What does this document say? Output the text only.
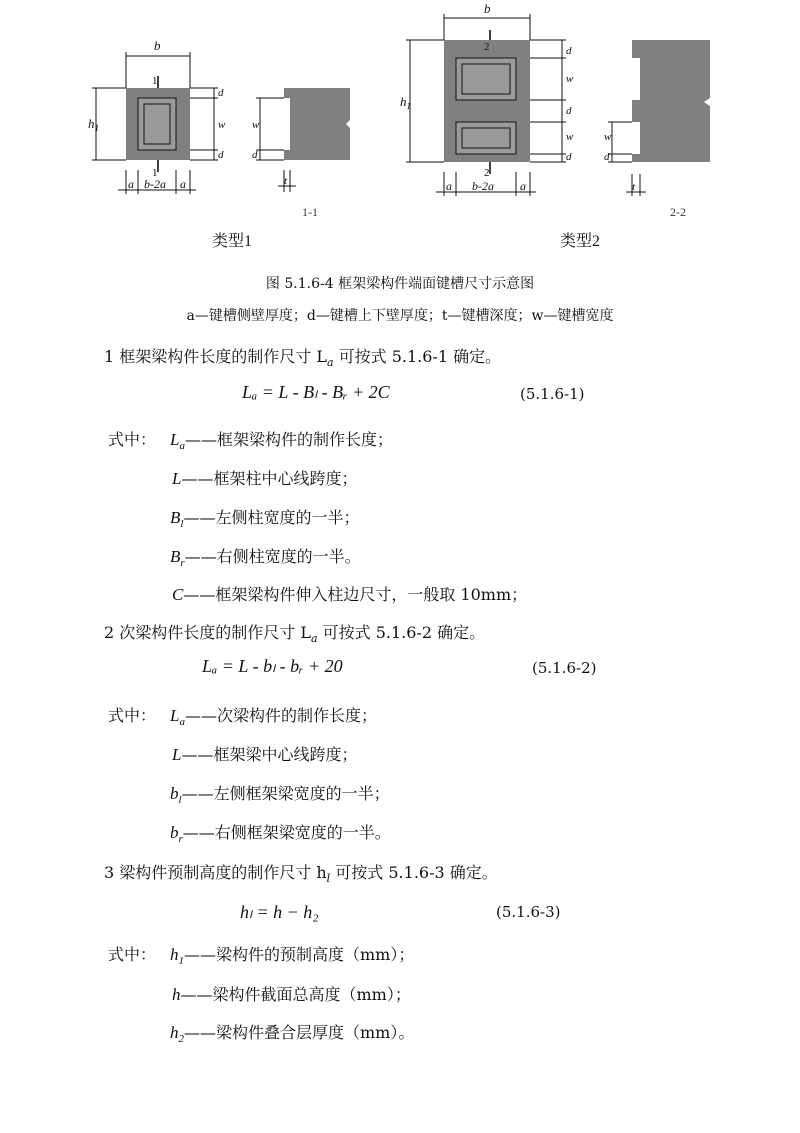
b
b
$h_1$
$h_1$
a b-2a a	a b-2a a
d
w
d
w
d
t
d
w
d
w
d
w
d
t
1
1
2
2
1-1	2-2
类型1	类型2
图 5.1.6-4 框架梁构件端面键槽尺寸示意图
a—键槽侧壁厚度；d—键槽上下壁厚度；t—键槽深度；w—键槽宽度
1 框架梁构件长度的制作尺寸 $L_a$ 可按式 5.1.6-1 确定。
Lₐ = L - Bₗ - Bᵣ + 2C	(5.1.6-1)
式中： $L_a——$框架梁构件的制作长度；
L——框架柱中心线跨度；
$B_l——$左侧柱宽度的一半；
$B_r——$右侧柱宽度的一半。
C——框架梁构件伸入柱边尺寸，一般取 10mm；
2 次梁构件长度的制作尺寸 $L_a$ 可按式 5.1.6-2 确定。
Lₐ = L - bₗ - bᵣ + 20	(5.1.6-2)
式中： $L_a——$次梁构件的制作长度；
L——框架梁中心线跨度；
$b_l——$左侧框架梁宽度的一半；
$b_r——$右侧框架梁宽度的一半。
3 梁构件预制高度的制作尺寸 $h_l$ 可按式 5.1.6-3 确定。
hₗ = h − h₂	(5.1.6-3)
式中： $h_1——$梁构件的预制高度（mm）；
h——梁构件截面总高度（mm）；
$h_2——$梁构件叠合层厚度（mm）。
